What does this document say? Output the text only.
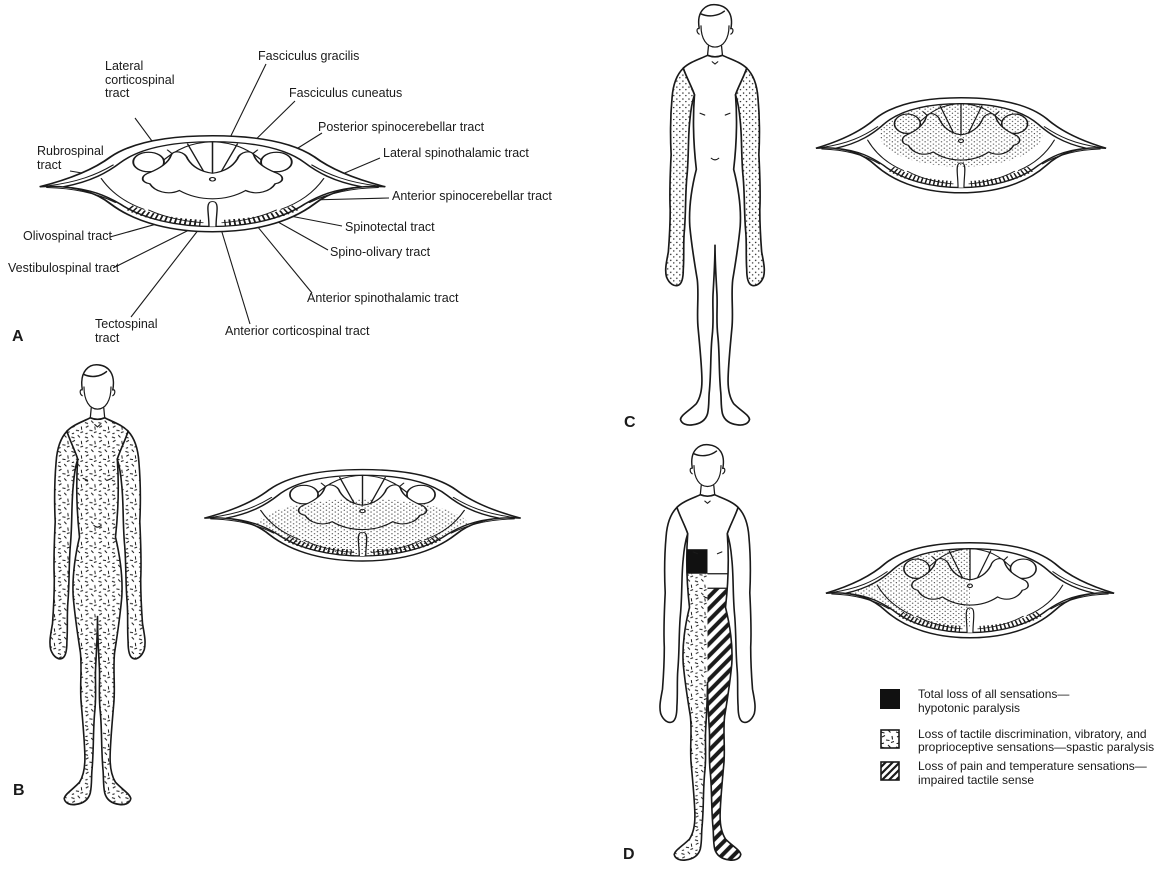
Lateral corticospinal tract
Fasciculus gracilis
Fasciculus cuneatus
Posterior spinocerebellar tract
Lateral spinothalamic tract
Anterior spinocerebellar tract
Spinotectal tract
Spino-olivary tract
Anterior spinothalamic tract
Anterior corticospinal tract
Tectospinal tract
Rubrospinal tract
Olivospinal tract
Vestibulospinal tract
A
B
C
D
Total loss of all sensations—
hypotonic paralysis
Loss of tactile discrimination, vibratory, and
proprioceptive sensations—spastic paralysis
Loss of pain and temperature sensations—
impaired tactile sense
